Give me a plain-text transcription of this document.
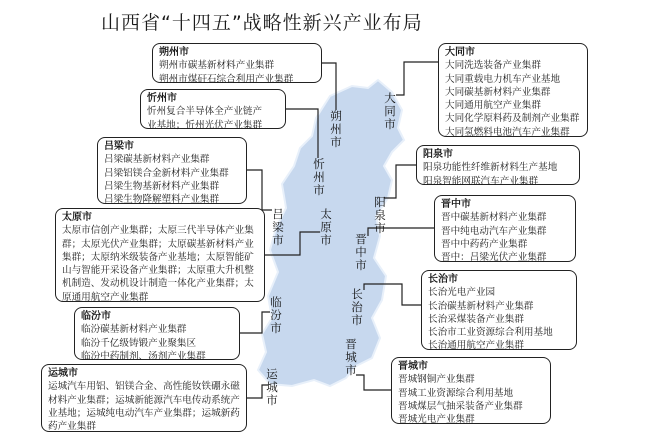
山西省“十四五”战略性新兴产业布局
朔州市
朔州市碳基新材料产业集群
朔州市煤矸石综合利用产业集群
忻州市
忻州复合半导体全产业链产
业基地；忻州光伏产业集群
吕梁市
吕梁碳基新材料产业集群
吕梁铝镁合金新材料产业集群
吕梁生物基新材料产业集群
吕梁生物降解塑料产业集群
太原市
太原市信创产业集群；太原三代半导体产业集群；太原光伏产业集群；太原碳基新材料产业集群；太原纳米级装备产业基地；太原智能矿山与智能开采设备产业集群；太原重大升机整机制造、发动机设计制造一体化产业集群；太原通用航空产业集群
临汾市
临汾碳基新材料产业集群
临汾千亿级铸锻产业聚集区
临汾中药制剂、汤剂产业集群
运城市
运城汽车用铝、铝镁合金、高性能钕铁硼永磁材料产业集群；运城新能源汽车电传动系统产业基地；运城纯电动汽车产业集群；运城新药药产业集群
大同市
大同洗选装备产业集群
大同重载电力机车产业基地
大同碳基新材料产业集群
大同通用航空产业集群
大同化学原料药及制剂产业集群
大同氢燃料电池汽车产业集群
阳泉市
阳泉功能性纤维新材料生产基地
阳泉智能网联汽车产业集群
晋中市
晋中碳基新材料产业集群
晋中纯电动汽车产业集群
晋中中药药产业集群
晋中：吕梁光伏产业集群
长治市
长治光电产业园
长治碳基新材料产业集群
长治采煤装备产业集群
长治市工业资源综合利用基地
长治通用航空产业集群
晋城市
晋城钢铜产业集群
晋城工业资源综合利用基地
晋城煤层气抽采装备产业集群
晋城光电产业集群
朔州市
忻州市
太原市
吕梁市	晋中市
阳泉市
临汾市
长治市
晋城市
运城市
大同市
